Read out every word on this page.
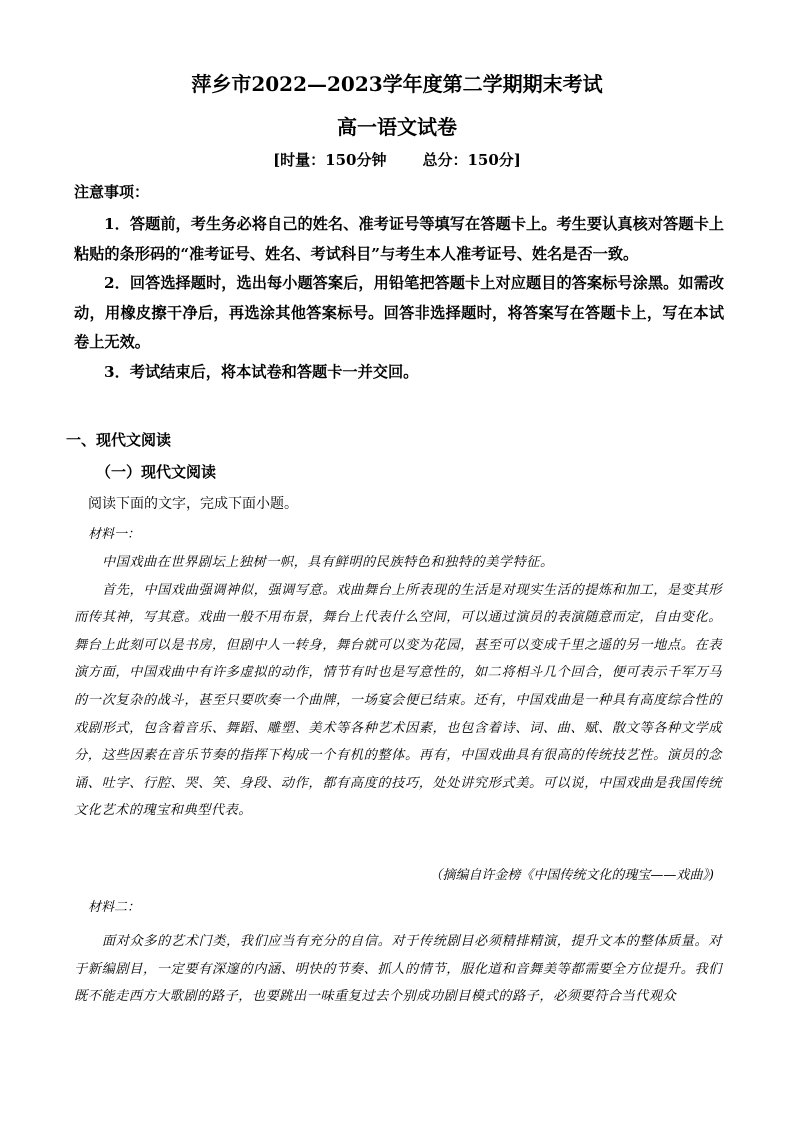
萍乡市2022—2023学年度第二学期期末考试
高一语文试卷
[时量：150分钟 总分：150分]
注意事项：

1．答题前，考生务必将自己的姓名、准考证号等填写在答题卡上。考生要认真核对答题卡上粘贴的条形码的“准考证号、姓名、考试科目”与考生本人准考证号、姓名是否一致。

2．回答选择题时，选出每小题答案后，用铅笔把答题卡上对应题目的答案标号涂黑。如需改动，用橡皮擦干净后，再选涂其他答案标号。回答非选择题时，将答案写在答题卡上，写在本试卷上无效。

3．考试结束后，将本试卷和答题卡一并交回。

一、现代文阅读
（一）现代文阅读
阅读下面的文字，完成下面小题。
材料一：

中国戏曲在世界剧坛上独树一帜，具有鲜明的民族特色和独特的美学特征。

首先，中国戏曲强调神似，强调写意。戏曲舞台上所表现的生活是对现实生活的提炼和加工，是变其形而传其神，写其意。戏曲一般不用布景，舞台上代表什么空间，可以通过演员的表演随意而定，自由变化。舞台上此刻可以是书房，但剧中人一转身，舞台就可以变为花园，甚至可以变成千里之遥的另一地点。在表演方面，中国戏曲中有许多虚拟的动作，情节有时也是写意性的，如二将相斗几个回合，便可表示千军万马的一次复杂的战斗，甚至只要吹奏一个曲牌，一场宴会便已结束。还有，中国戏曲是一种具有高度综合性的戏剧形式，包含着音乐、舞蹈、雕塑、美术等各种艺术因素，也包含着诗、词、曲、赋、散文等各种文学成分，这些因素在音乐节奏的指挥下构成一个有机的整体。再有，中国戏曲具有很高的传统技艺性。演员的念诵、吐字、行腔、哭、笑、身段、动作，都有高度的技巧，处处讲究形式美。可以说，中国戏曲是我国传统文化艺术的瑰宝和典型代表。

（摘编自许金榜《中国传统文化的瑰宝——戏曲》)
材料二：

面对众多的艺术门类，我们应当有充分的自信。对于传统剧目必须精排精演，提升文本的整体质量。对于新编剧目，一定要有深邃的内涵、明快的节奏、抓人的情节，服化道和音舞美等都需要全方位提升。我们既不能走西方大歌剧的路子，也要跳出一味重复过去个别成功剧目模式的路子，必须要符合当代观众
